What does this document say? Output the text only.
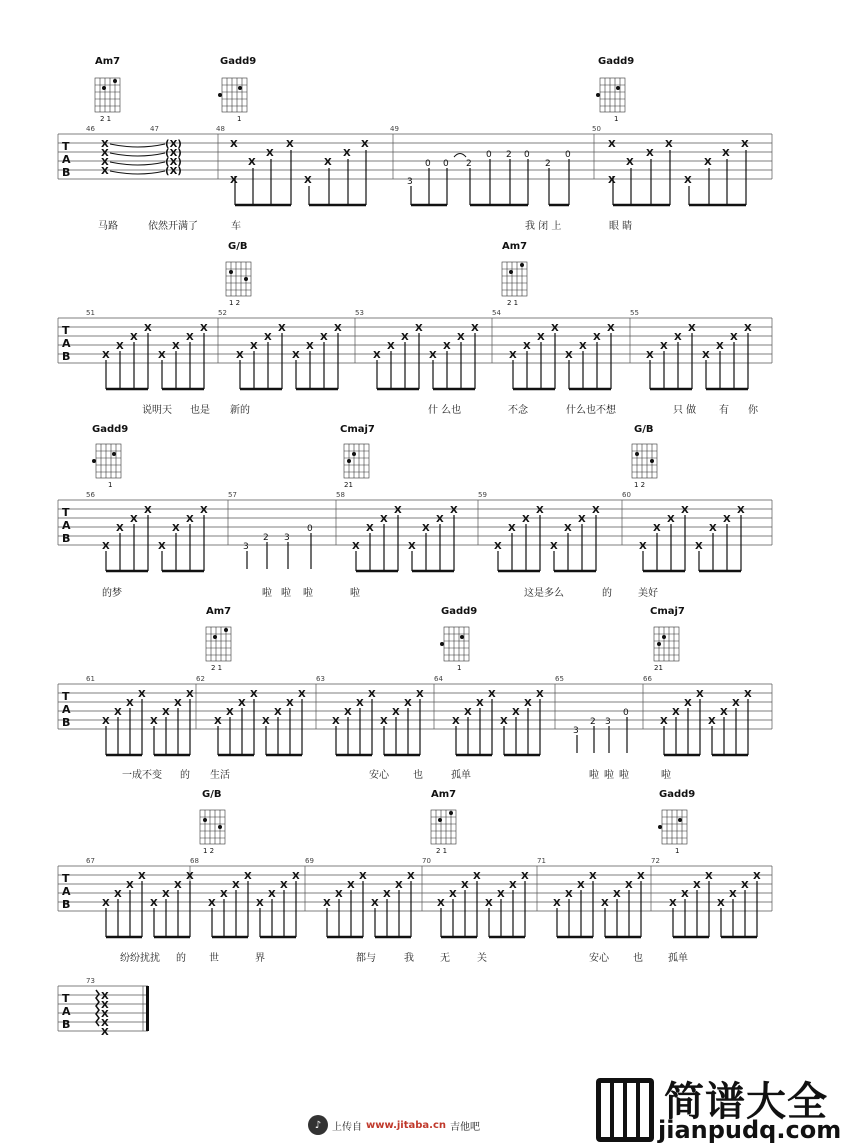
T
A
B
46	47	48	49	50
Am7
2 1
Gadd9
1
Gadd9
1
X
X
X
X
(X)
(X)
(X)
(X)
X
X
X
X
X
X
X
X
X
3
0 0 2
0 2 0
2
0
X
X
X
X
X
X
X
X
X
马路	依然开满了	车	我 闭 上	眼 睛
T
A
B
51	52	53	54	55
G/B
1 2
Am7
2 1
X
X
X
X
X
X
X
X
X
X
X
X
X
X
X
X
X
X
X
X
X
X
X
X
X
X
X
X
X
X
X
X
X
X
X
X
X
X
X
X
说明天 也是 新的	什 么也	不念	什么也不想	只 做 有 你
T
A
B
56	57	58	59	60
Gadd9
1
Cmaj7
21
G/B
1 2
X
X
X
X
X
X
X
X
X
X
X
X
X
X
X
X
X
X
X
X
X
X
X
X
X
X
X
X
X
X
X
X
3
2 3
0
的梦	啦 啦 啦	啦	这是多么	的	美好
T
A
B
61	62	63	64	65	66
Am7
2 1
Gadd9
1
Cmaj7
21
X
X
X
X
X
X
X
X
X
X
X
X
X
X
X
X
X
X
X
X
X
X
X
X
X
X
X
X
X
X
X
X
X
X
X
X
X
X
X
X
3
2 3
0
一成不变 的 生活	安心 也	孤单	啦 啦 啦	啦
T
A
B
67	68	69	70	71	72
G/B
1 2
Am7
2 1
Gadd9
1
X
X
X
X
X
X
X
X
X
X
X
X
X
X
X
X
X
X
X
X
X
X
X
X
X
X
X
X
X
X
X
X
X
X
X
X
X
X
X
X
X
X
X
X
X
X
X
X
纷纷扰扰 的 世	界	都与	我	无	关	安心 也	孤单
T
A
B
73
X
X
X
X
X
♪	上传自 www.jitaba.cn 吉他吧
简谱大全
jianpudq.com
